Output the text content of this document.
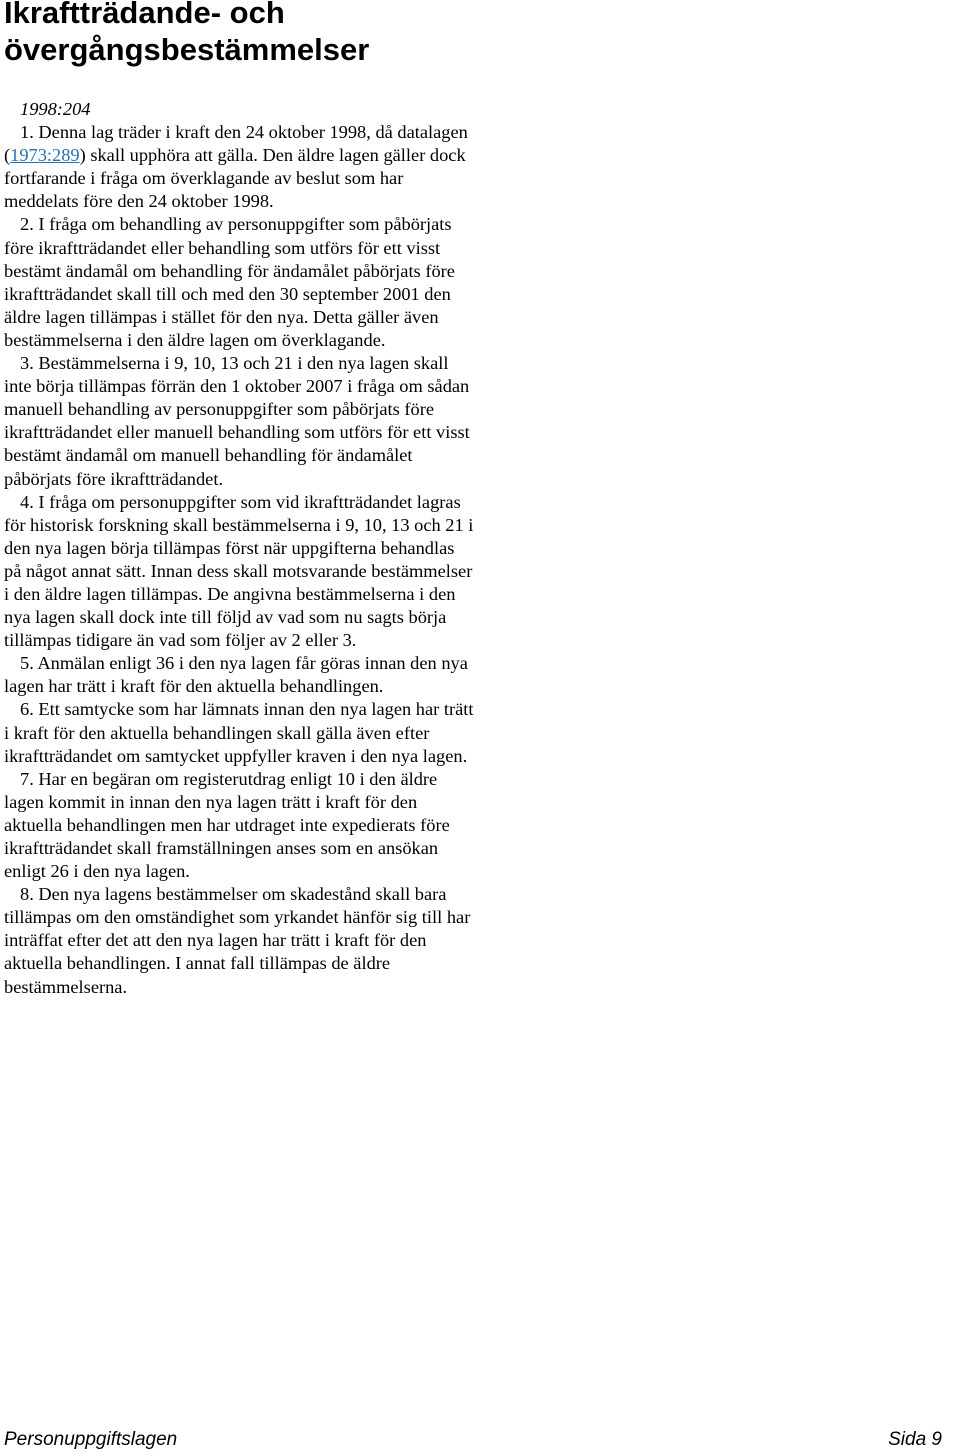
Ikraftträdande- och
övergångsbestämmelser

1998:204

1. Denna lag träder i kraft den 24 oktober 1998, då datalagen (1973:289) skall upphöra att gälla. Den äldre lagen gäller dock fortfarande i fråga om överklagande av beslut som har meddelats före den 24 oktober 1998.

2. I fråga om behandling av personuppgifter som påbörjats före ikraftträdandet eller behandling som utförs för ett visst bestämt ändamål om behandling för ändamålet påbörjats före ikraftträdandet skall till och med den 30 september 2001 den äldre lagen tillämpas i stället för den nya. Detta gäller även bestämmelserna i den äldre lagen om överklagande.

3. Bestämmelserna i 9, 10, 13 och 21 i den nya lagen skall inte börja tillämpas förrän den 1 oktober 2007 i fråga om sådan manuell behandling av personuppgifter som påbörjats före ikraftträdandet eller manuell behandling som utförs för ett visst bestämt ändamål om manuell behandling för ändamålet påbörjats före ikraftträdandet.

4. I fråga om personuppgifter som vid ikraftträdandet lagras för historisk forskning skall bestämmelserna i 9, 10, 13 och 21 i den nya lagen börja tillämpas först när uppgifterna behandlas på något annat sätt. Innan dess skall motsvarande bestämmelser i den äldre lagen tillämpas. De angivna bestämmelserna i den nya lagen skall dock inte till följd av vad som nu sagts börja tillämpas tidigare än vad som följer av 2 eller 3.

5. Anmälan enligt 36 i den nya lagen får göras innan den nya lagen har trätt i kraft för den aktuella behandlingen.

6. Ett samtycke som har lämnats innan den nya lagen har trätt i kraft för den aktuella behandlingen skall gälla även efter ikraftträdandet om samtycket uppfyller kraven i den nya lagen.

7. Har en begäran om registerutdrag enligt 10 i den äldre lagen kommit in innan den nya lagen trätt i kraft för den aktuella behandlingen men har utdraget inte expedierats före ikraftträdandet skall framställningen anses som en ansökan enligt 26 i den nya lagen.

8. Den nya lagens bestämmelser om skadestånd skall bara tillämpas om den omständighet som yrkandet hänför sig till har inträffat efter det att den nya lagen har trätt i kraft för den aktuella behandlingen. I annat fall tillämpas de äldre bestämmelserna.

Personuppgiftslagen	Sida 9
